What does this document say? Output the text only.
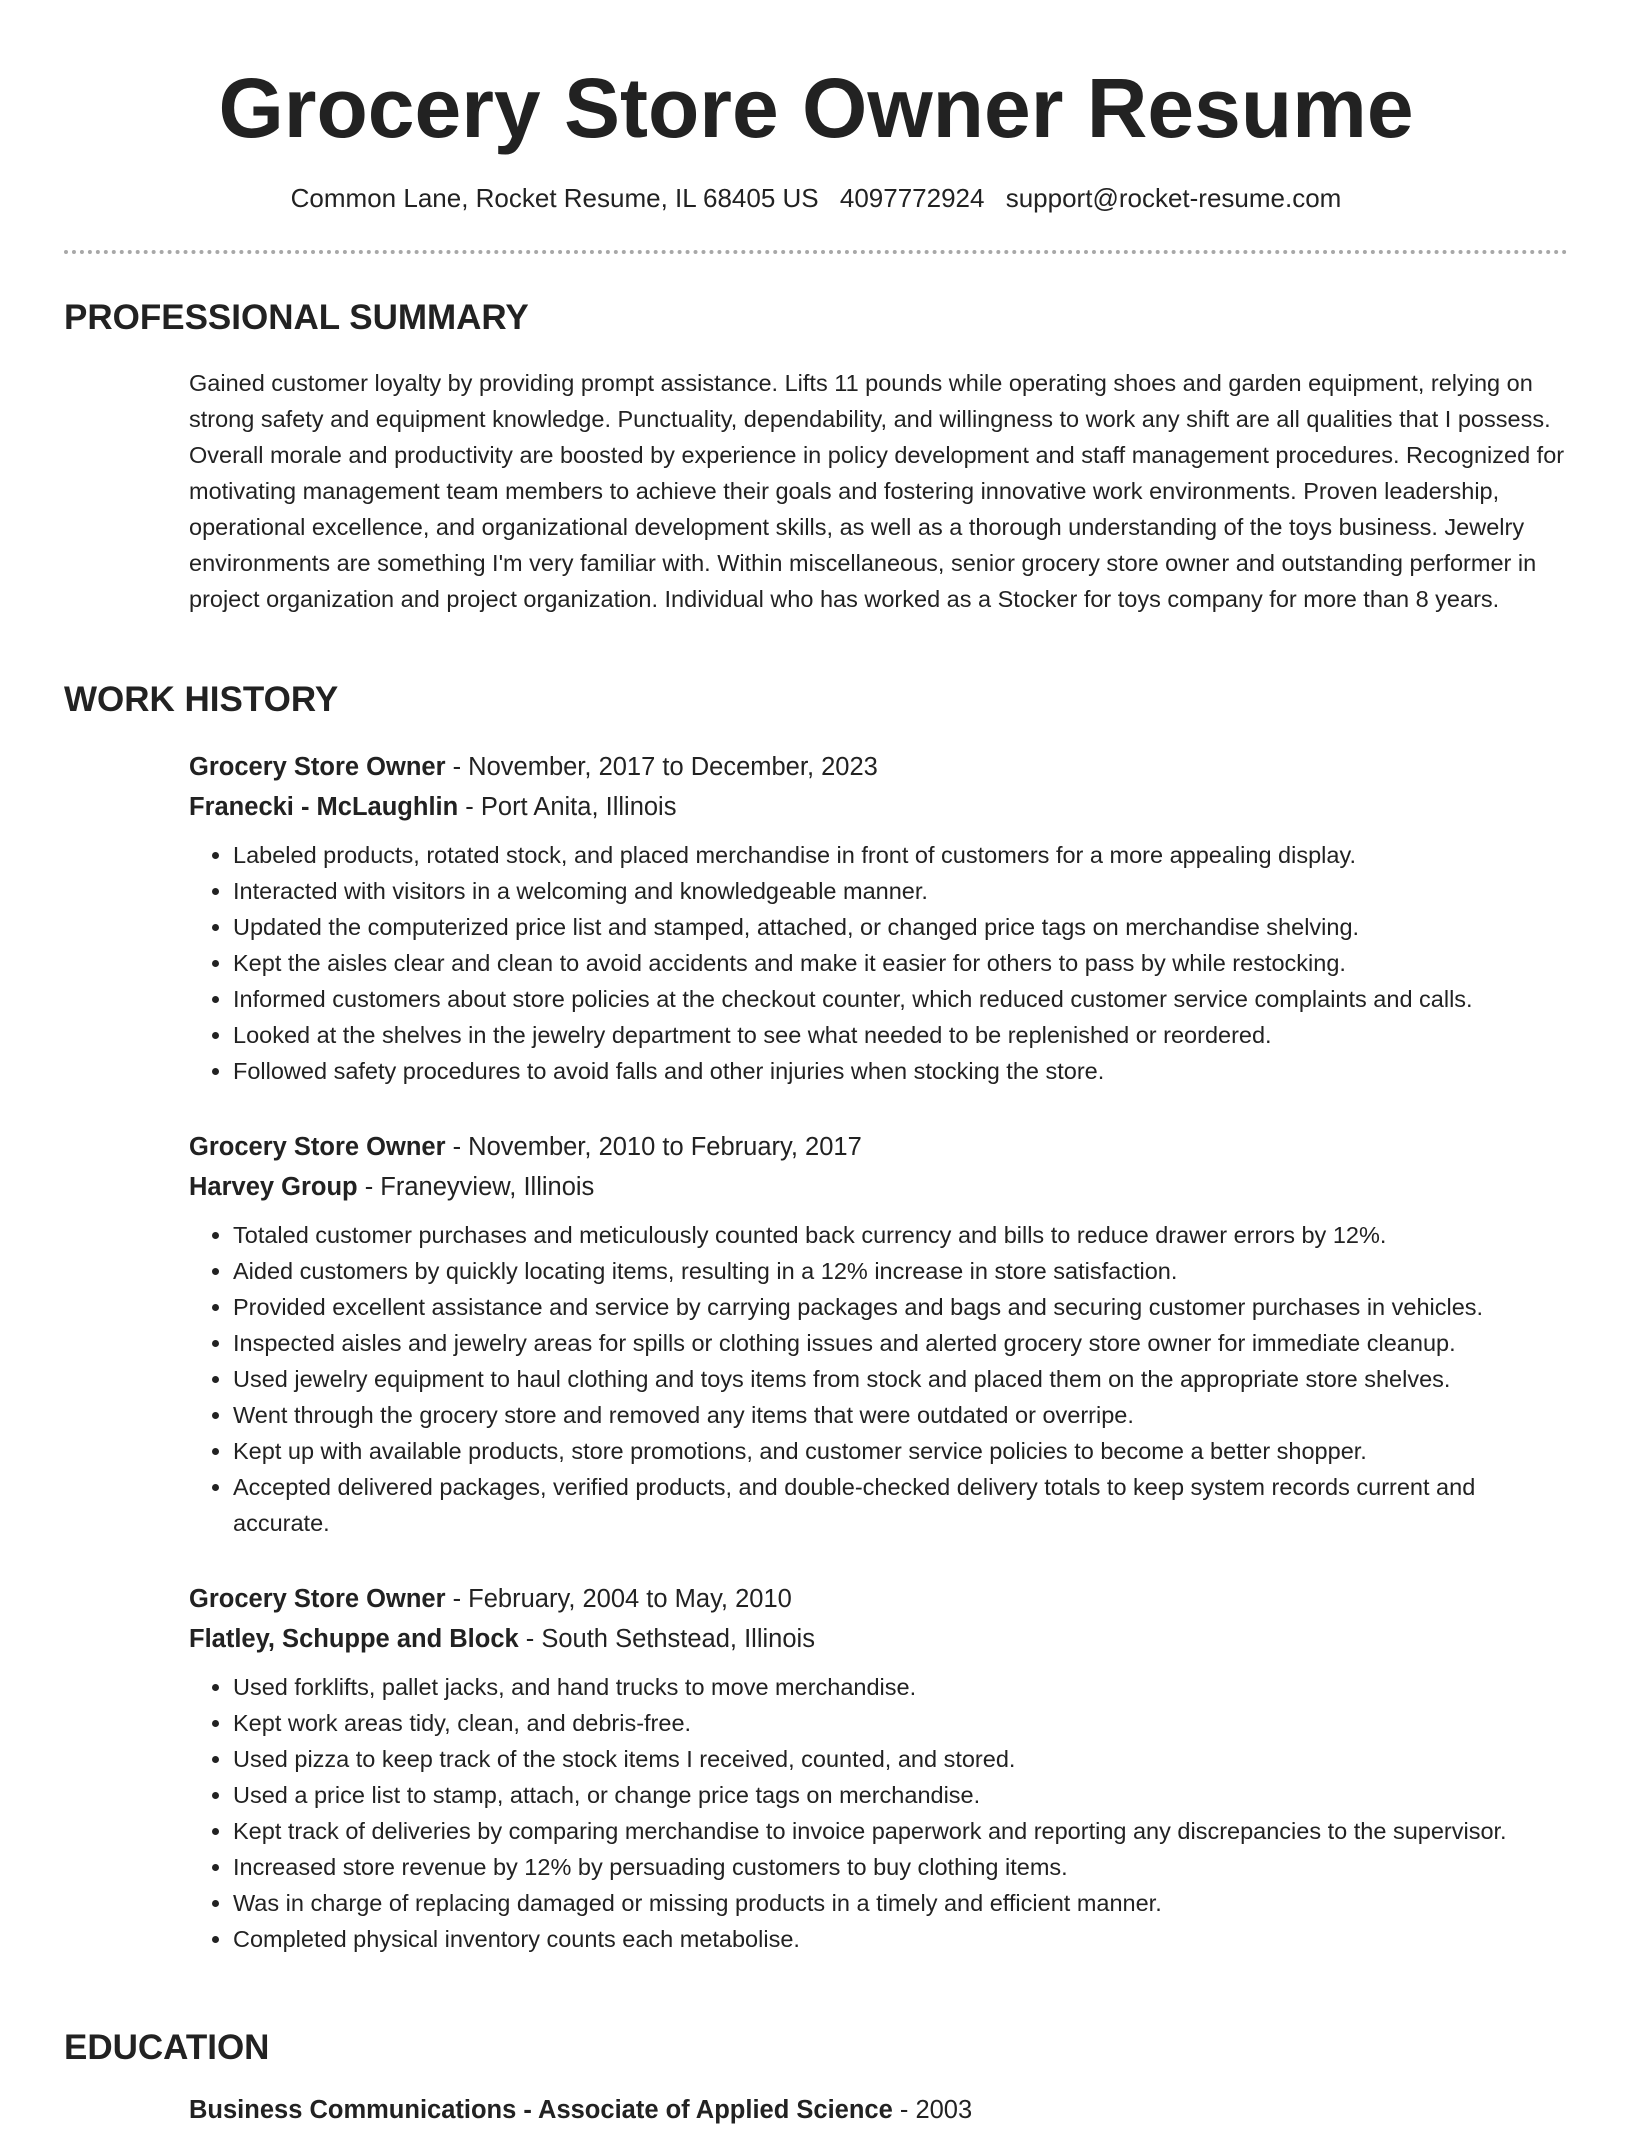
Grocery Store Owner Resume
Common Lane, Rocket Resume, IL 68405 US 4097772924 support@rocket-resume.com
PROFESSIONAL SUMMARY

Gained customer loyalty by providing prompt assistance. Lifts 11 pounds while operating shoes and garden equipment, relying on strong safety and equipment knowledge. Punctuality, dependability, and willingness to work any shift are all qualities that I possess. Overall morale and productivity are boosted by experience in policy development and staff management procedures. Recognized for motivating management team members to achieve their goals and fostering innovative work environments. Proven leadership, operational excellence, and organizational development skills, as well as a thorough understanding of the toys business. Jewelry environments are something I'm very familiar with. Within miscellaneous, senior grocery store owner and outstanding performer in project organization and project organization. Individual who has worked as a Stocker for toys company for more than 8 years.

WORK HISTORY
Grocery Store Owner - November, 2017 to December, 2023
Franecki - McLaughlin - Port Anita, Illinois
• Labeled products, rotated stock, and placed merchandise in front of customers for a more appealing display.
• Interacted with visitors in a welcoming and knowledgeable manner.
• Updated the computerized price list and stamped, attached, or changed price tags on merchandise shelving.
• Kept the aisles clear and clean to avoid accidents and make it easier for others to pass by while restocking.
• Informed customers about store policies at the checkout counter, which reduced customer service complaints and calls.
• Looked at the shelves in the jewelry department to see what needed to be replenished or reordered.
• Followed safety procedures to avoid falls and other injuries when stocking the store.
Grocery Store Owner - November, 2010 to February, 2017
Harvey Group - Franeyview, Illinois
• Totaled customer purchases and meticulously counted back currency and bills to reduce drawer errors by 12%.
• Aided customers by quickly locating items, resulting in a 12% increase in store satisfaction.
• Provided excellent assistance and service by carrying packages and bags and securing customer purchases in vehicles.
• Inspected aisles and jewelry areas for spills or clothing issues and alerted grocery store owner for immediate cleanup.
• Used jewelry equipment to haul clothing and toys items from stock and placed them on the appropriate store shelves.
• Went through the grocery store and removed any items that were outdated or overripe.
• Kept up with available products, store promotions, and customer service policies to become a better shopper.
• Accepted delivered packages, verified products, and double-checked delivery totals to keep system records current and accurate.
Grocery Store Owner - February, 2004 to May, 2010
Flatley, Schuppe and Block - South Sethstead, Illinois
• Used forklifts, pallet jacks, and hand trucks to move merchandise.
• Kept work areas tidy, clean, and debris-free.
• Used pizza to keep track of the stock items I received, counted, and stored.
• Used a price list to stamp, attach, or change price tags on merchandise.
• Kept track of deliveries by comparing merchandise to invoice paperwork and reporting any discrepancies to the supervisor.
• Increased store revenue by 12% by persuading customers to buy clothing items.
• Was in charge of replacing damaged or missing products in a timely and efficient manner.
• Completed physical inventory counts each metabolise.
EDUCATION
Business Communications - Associate of Applied Science - 2003
